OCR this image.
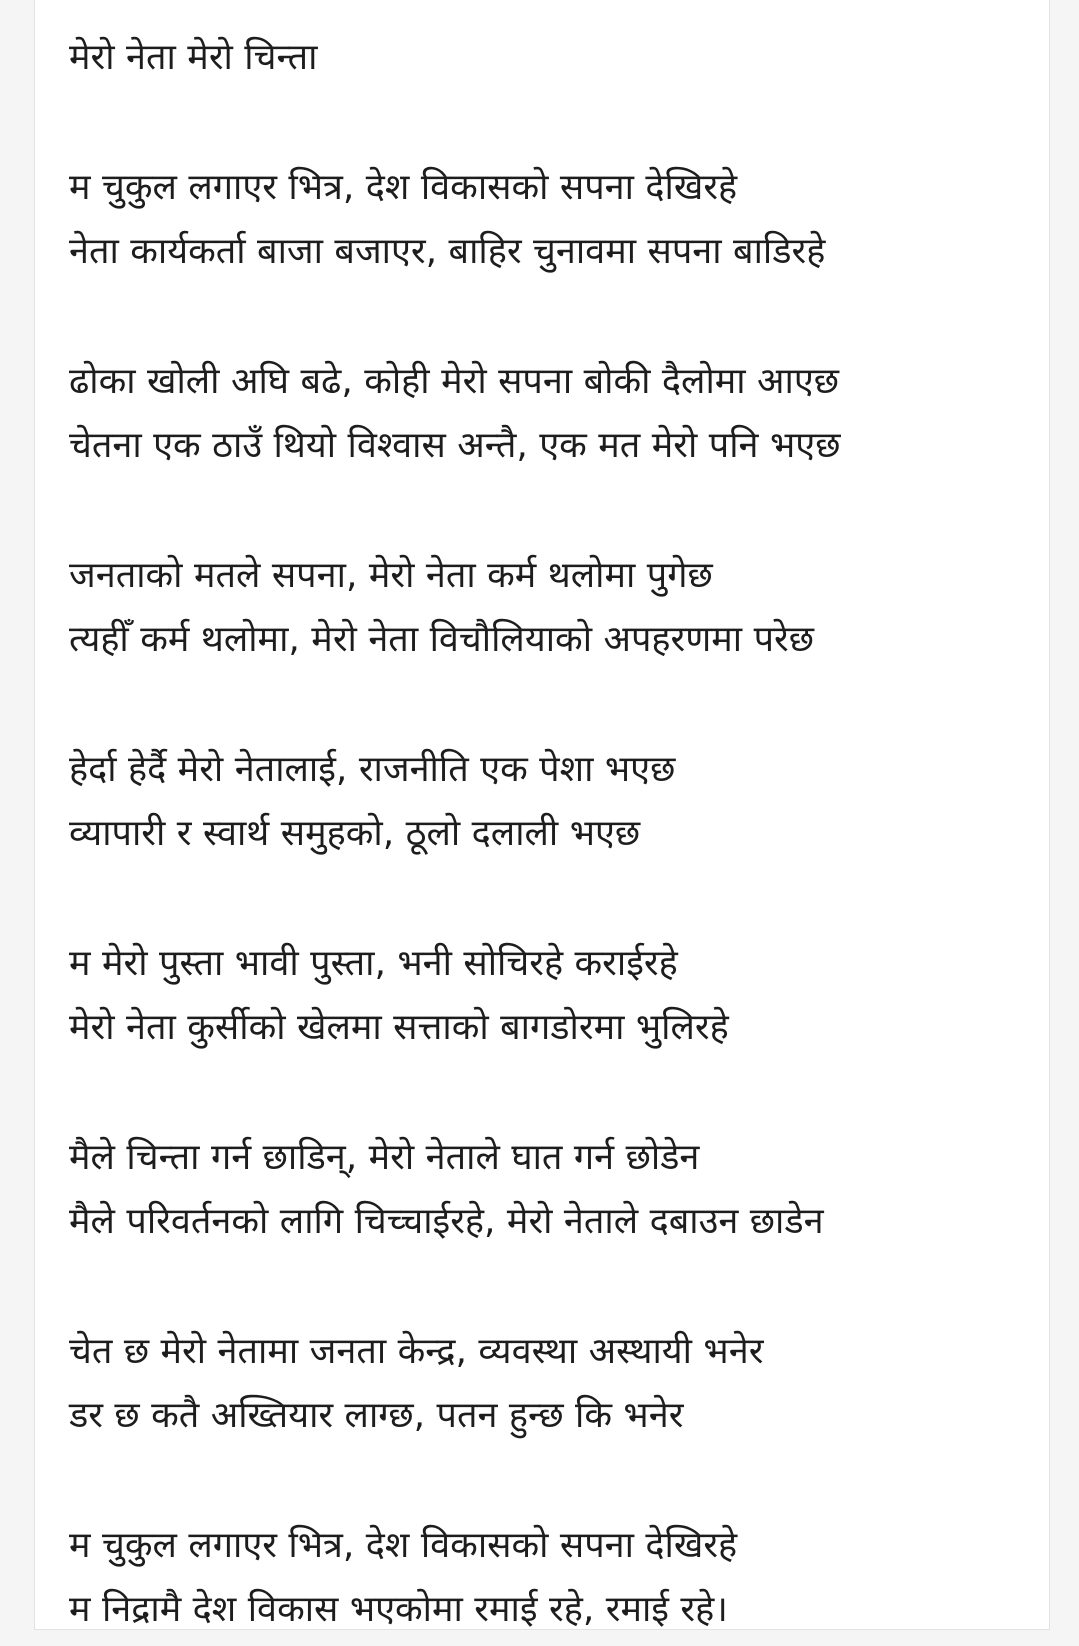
मेरो नेता मेरो चिन्ता
म चुकुल लगाएर भित्र, देश विकासको सपना देखिरहे
नेता कार्यकर्ता बाजा बजाएर, बाहिर चुनावमा सपना बाडिरहे
ढोका खोली अघि बढे, कोही मेरो सपना बोकी दैलोमा आएछ
चेतना एक ठाउँ थियो विश्वास अन्तै, एक मत मेरो पनि भएछ
जनताको मतले सपना, मेरो नेता कर्म थलोमा पुगेछ
त्यहीँ कर्म थलोमा, मेरो नेता विचौलियाको अपहरणमा परेछ
हेर्दा हेर्दै मेरो नेतालाई, राजनीति एक पेशा भएछ
व्यापारी र स्वार्थ समुहको, ठूलो दलाली भएछ
म मेरो पुस्ता भावी पुस्ता, भनी सोचिरहे कराईरहे
मेरो नेता कुर्सीको खेलमा सत्ताको बागडोरमा भुलिरहे
मैले चिन्ता गर्न छाडिन्, मेरो नेताले घात गर्न छोडेन
मैले परिवर्तनको लागि चिच्चाईरहे, मेरो नेताले दबाउन छाडेन
चेत छ मेरो नेतामा जनता केन्द्र, व्यवस्था अस्थायी भनेर
डर छ कतै अख्तियार लाग्छ, पतन हुन्छ कि भनेर
म चुकुल लगाएर भित्र, देश विकासको सपना देखिरहे
म निद्रामै देश विकास भएकोमा रमाई रहे, रमाई रहे।
